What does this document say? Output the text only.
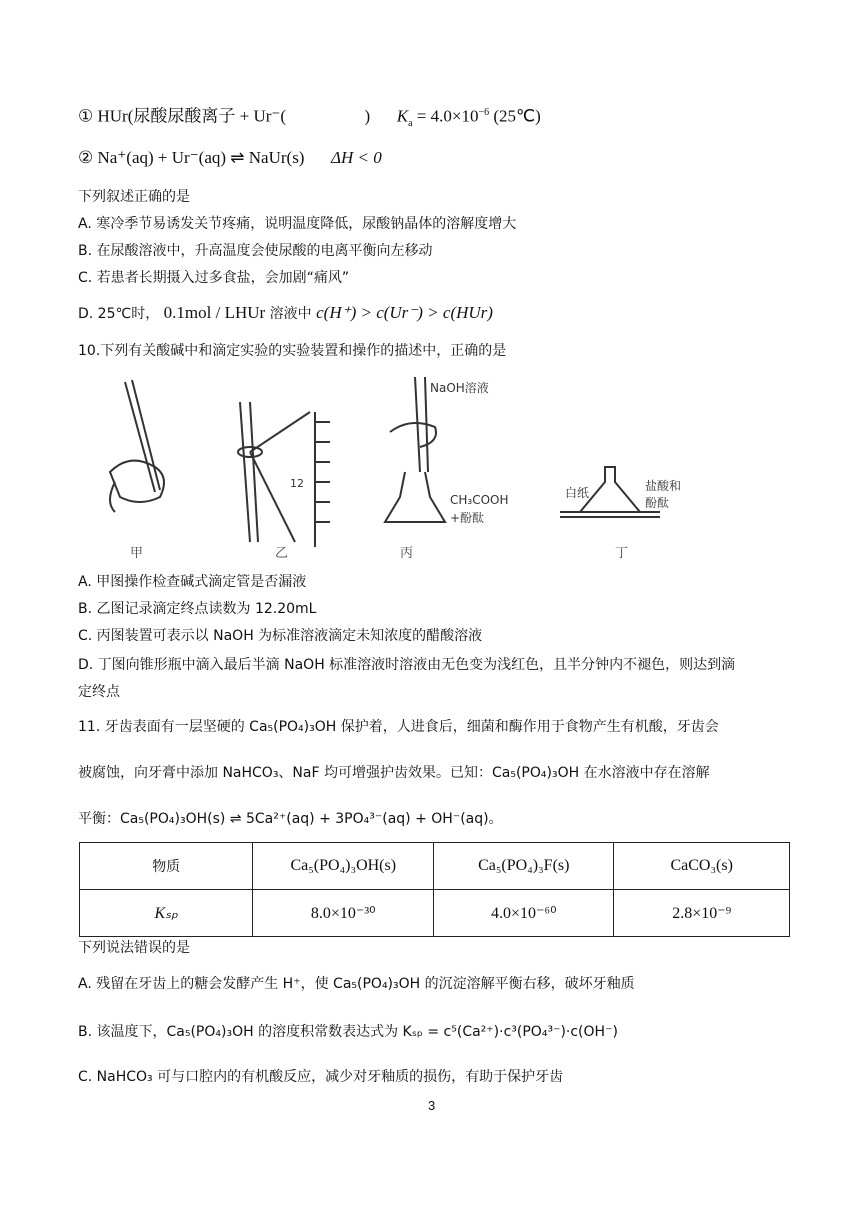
① HUr(尿酸尿酸离子 + Ur⁻(	) $K_a = 4.0\times 10^{-6}$ (25℃)
② Na⁺(aq) + Ur⁻(aq) ⇌ NaUr(s) ΔH < 0
下列叙述正确的是
A. 寒冷季节易诱发关节疼痛，说明温度降低，尿酸钠晶体的溶解度增大
B. 在尿酸溶液中，升高温度会使尿酸的电离平衡向左移动
C. 若患者长期摄入过多食盐，会加剧“痛风”
D. 25℃时， 0.1mol / LHUr 溶液中 c(H⁺) > c(Ur⁻) > c(HUr)
10.下列有关酸碱中和滴定实验的实验装置和操作的描述中，正确的是
甲	乙	丙	丁
NaOH溶液
CH₃COOH
+酚酞
白纸	盐酸和
酚酞
12
A. 甲图操作检查碱式滴定管是否漏液
B. 乙图记录滴定终点读数为 12.20mL
C. 丙图装置可表示以 NaOH 为标准溶液滴定未知浓度的醋酸溶液
D. 丁图向锥形瓶中滴入最后半滴 NaOH 标准溶液时溶液由无色变为浅红色，且半分钟内不褪色，则达到滴
定终点
11. 牙齿表面有一层坚硬的 Ca₅(PO₄)₃OH 保护着，人进食后，细菌和酶作用于食物产生有机酸，牙齿会
被腐蚀，向牙膏中添加 NaHCO₃、NaF 均可增强护齿效果。已知：Ca₅(PO₄)₃OH 在水溶液中存在溶解
平衡：Ca₅(PO₄)₃OH(s) ⇌ 5Ca²⁺(aq) + 3PO₄³⁻(aq) + OH⁻(aq)。
物质	Ca₅(PO₄)₃OH(s)	Ca₅(PO₄)₃F(s)	CaCO₃(s)
Kₛₚ	8.0×10⁻³⁰	4.0×10⁻⁶⁰	2.8×10⁻⁹
下列说法错误的是
A. 残留在牙齿上的糖会发酵产生 H⁺，使 Ca₅(PO₄)₃OH 的沉淀溶解平衡右移，破坏牙釉质
B. 该温度下，Ca₅(PO₄)₃OH 的溶度积常数表达式为 Kₛₚ = c⁵(Ca²⁺)·c³(PO₄³⁻)·c(OH⁻)
C. NaHCO₃ 可与口腔内的有机酸反应，减少对牙釉质的损伤，有助于保护牙齿
3
